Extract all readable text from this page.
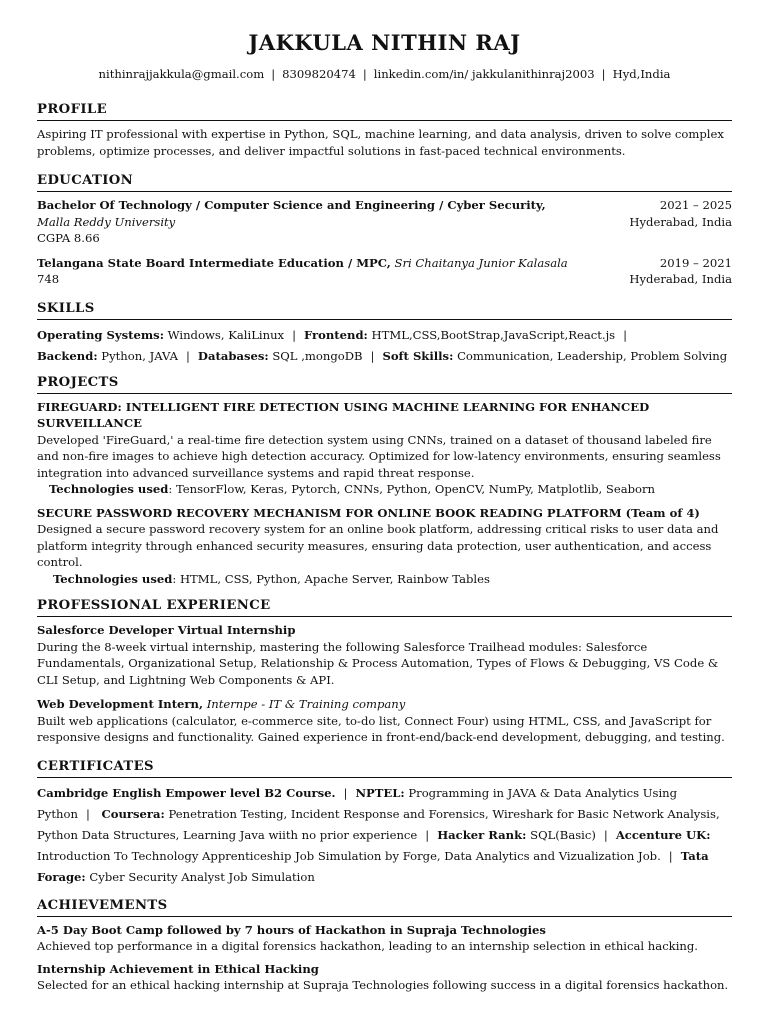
JAKKULA NITHIN RAJ
nithinrajjakkula@gmail.com | 8309820474 | linkedin.com/in/ jakkulanithinraj2003 | Hyd,India
PROFILE
Aspiring IT professional with expertise in Python, SQL, machine learning, and data analysis, driven to solve complex problems, optimize processes, and deliver impactful solutions in fast-paced technical environments.
EDUCATION
Bachelor Of Technology / Computer Science and Engineering / Cyber Security,	2021 – 2025
Malla Reddy University	Hyderabad, India
CGPA 8.66
Telangana State Board Intermediate Education / MPC, Sri Chaitanya Junior Kalasala	2019 – 2021
748	Hyderabad, India
SKILLS
Operating Systems: Windows, KaliLinux | Frontend: HTML,CSS,BootStrap,JavaScript,React.js |
Backend: Python, JAVA | Databases: SQL ,mongoDB | Soft Skills: Communication, Leadership, Problem Solving
PROJECTS
FIREGUARD: INTELLIGENT FIRE DETECTION USING MACHINE LEARNING FOR ENHANCED SURVEILLANCE
Developed 'FireGuard,' a real-time fire detection system using CNNs, trained on a dataset of thousand labeled fire and non-fire images to achieve high detection accuracy. Optimized for low-latency environments, ensuring seamless integration into advanced surveillance systems and rapid threat response.
Technologies used: TensorFlow, Keras, Pytorch, CNNs, Python, OpenCV, NumPy, Matplotlib, Seaborn
SECURE PASSWORD RECOVERY MECHANISM FOR ONLINE BOOK READING PLATFORM (Team of 4)
Designed a secure password recovery system for an online book platform, addressing critical risks to user data and platform integrity through enhanced security measures, ensuring data protection, user authentication, and access control.
Technologies used: HTML, CSS, Python, Apache Server, Rainbow Tables
PROFESSIONAL EXPERIENCE
Salesforce Developer Virtual Internship
During the 8-week virtual internship, mastering the following Salesforce Trailhead modules: Salesforce Fundamentals, Organizational Setup, Relationship & Process Automation, Types of Flows & Debugging, VS Code & CLI Setup, and Lightning Web Components & API.
Web Development Intern, Internpe - IT & Training company
Built web applications (calculator, e-commerce site, to-do list, Connect Four) using HTML, CSS, and JavaScript for responsive designs and functionality. Gained experience in front-end/back-end development, debugging, and testing.
CERTIFICATES
Cambridge English Empower level B2 Course. | NPTEL: Programming in JAVA & Data Analytics Using Python | Coursera: Penetration Testing, Incident Response and Forensics, Wireshark for Basic Network Analysis, Python Data Structures, Learning Java wiith no prior experience | Hacker Rank: SQL(Basic) | Accenture UK: Introduction To Technology Apprenticeship Job Simulation by Forge, Data Analytics and Vizualization Job. | Tata Forage: Cyber Security Analyst Job Simulation
ACHIEVEMENTS
A-5 Day Boot Camp followed by 7 hours of Hackathon in Supraja Technologies
Achieved top performance in a digital forensics hackathon, leading to an internship selection in ethical hacking.
Internship Achievement in Ethical Hacking
Selected for an ethical hacking internship at Supraja Technologies following success in a digital forensics hackathon.
